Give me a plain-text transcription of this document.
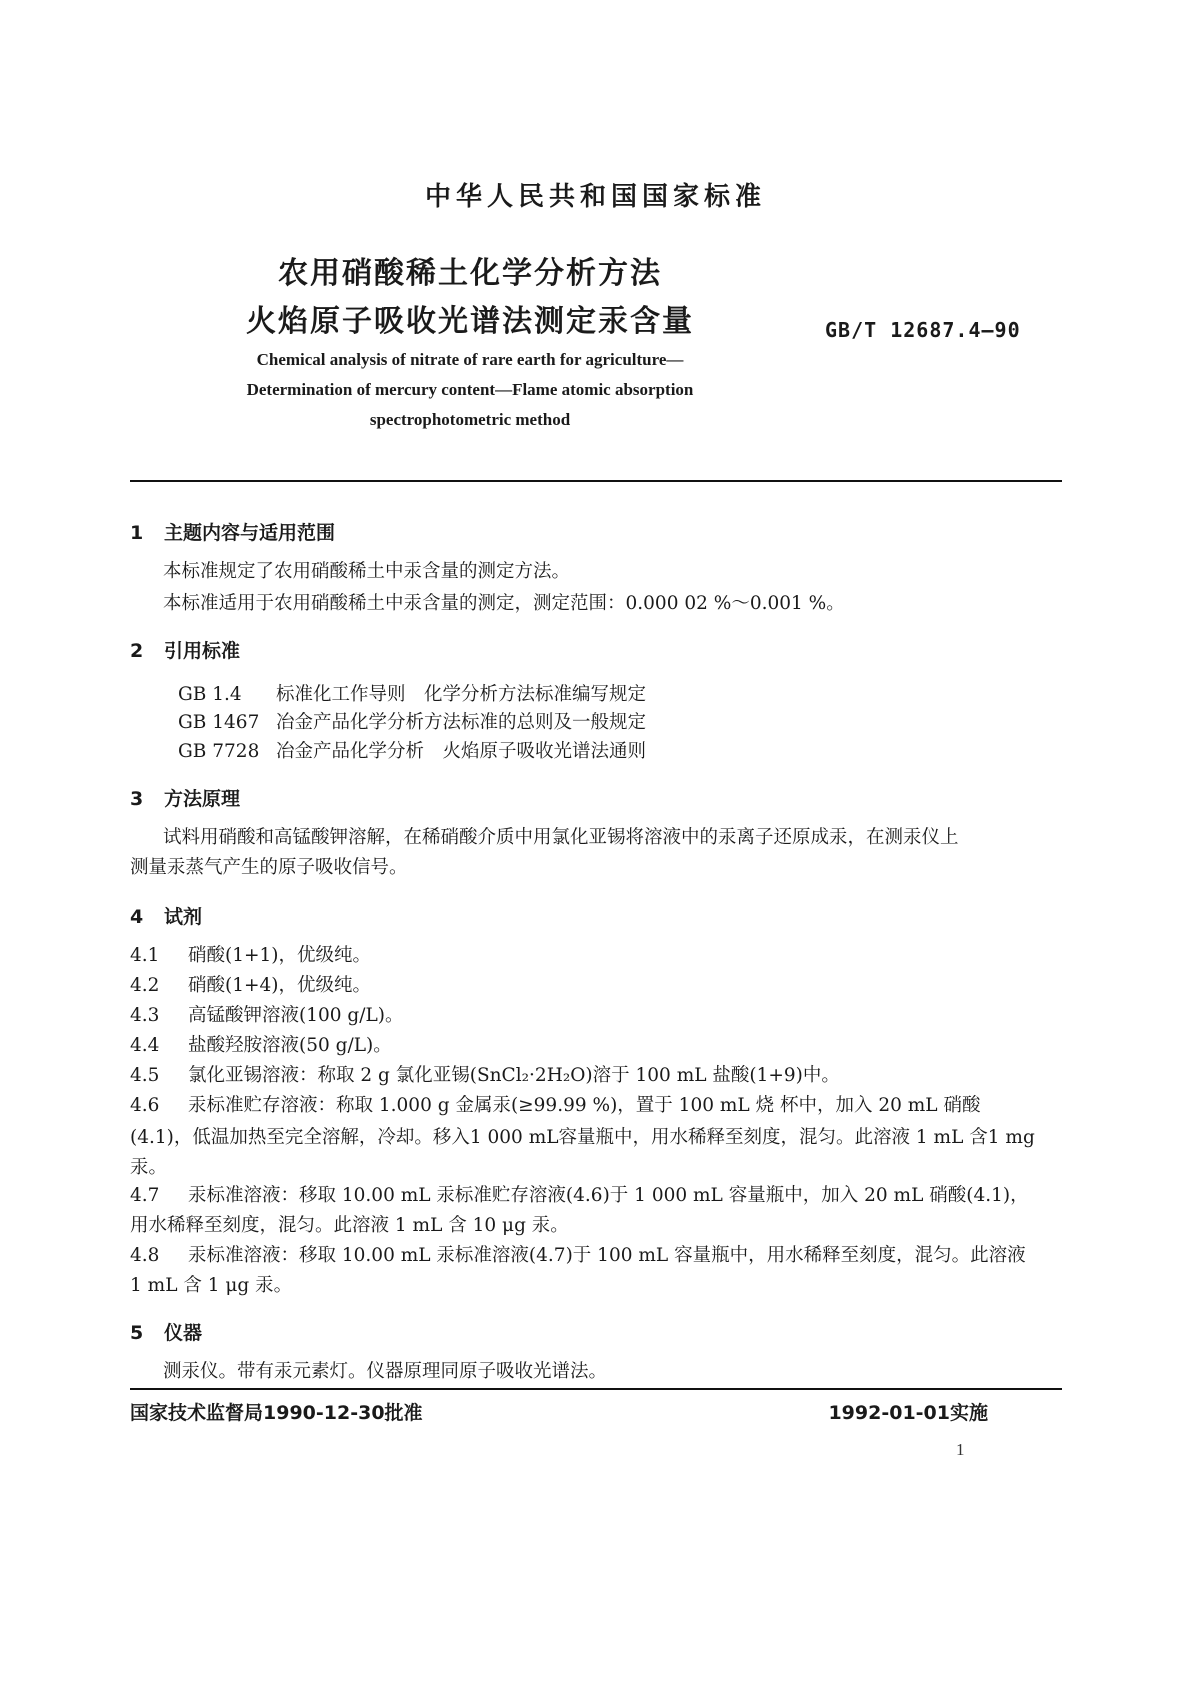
中华人民共和国国家标准
农用硝酸稀土化学分析方法
火焰原子吸收光谱法测定汞含量	GB/T 12687.4—90
Chemical analysis of nitrate of rare earth for agriculture—
Determination of mercury content—Flame atomic absorption
spectrophotometric method
1 主题内容与适用范围
本标准规定了农用硝酸稀土中汞含量的测定方法。
本标准适用于农用硝酸稀土中汞含量的测定，测定范围：0.000 02 %～0.001 %。
2 引用标准
GB 1.4 标准化工作导则　化学分析方法标准编写规定
GB 1467 冶金产品化学分析方法标准的总则及一般规定
GB 7728 冶金产品化学分析　火焰原子吸收光谱法通则
3 方法原理
试料用硝酸和高锰酸钾溶解，在稀硝酸介质中用氯化亚锡将溶液中的汞离子还原成汞，在测汞仪上
测量汞蒸气产生的原子吸收信号。
4 试剂
4.1 硝酸(1+1)，优级纯。
4.2 硝酸(1+4)，优级纯。
4.3 高锰酸钾溶液(100 g/L)。
4.4 盐酸羟胺溶液(50 g/L)。
4.5 氯化亚锡溶液：称取 2 g 氯化亚锡(SnCl₂·2H₂O)溶于 100 mL 盐酸(1+9)中。
4.6 汞标准贮存溶液：称取 1.000 g 金属汞(≥99.99 %)，置于 100 mL 烧 杯中，加入 20 mL 硝酸
(4.1)，低温加热至完全溶解，冷却。移入1 000 mL容量瓶中，用水稀释至刻度，混匀。此溶液 1 mL 含1 mg
汞。
4.7 汞标准溶液：移取 10.00 mL 汞标准贮存溶液(4.6)于 1 000 mL 容量瓶中，加入 20 mL 硝酸(4.1)，
用水稀释至刻度，混匀。此溶液 1 mL 含 10 μg 汞。
4.8 汞标准溶液：移取 10.00 mL 汞标准溶液(4.7)于 100 mL 容量瓶中，用水稀释至刻度，混匀。此溶液
1 mL 含 1 μg 汞。
5 仪器
测汞仪。带有汞元素灯。仪器原理同原子吸收光谱法。
国家技术监督局1990-12-30批准	1992-01-01实施
1
